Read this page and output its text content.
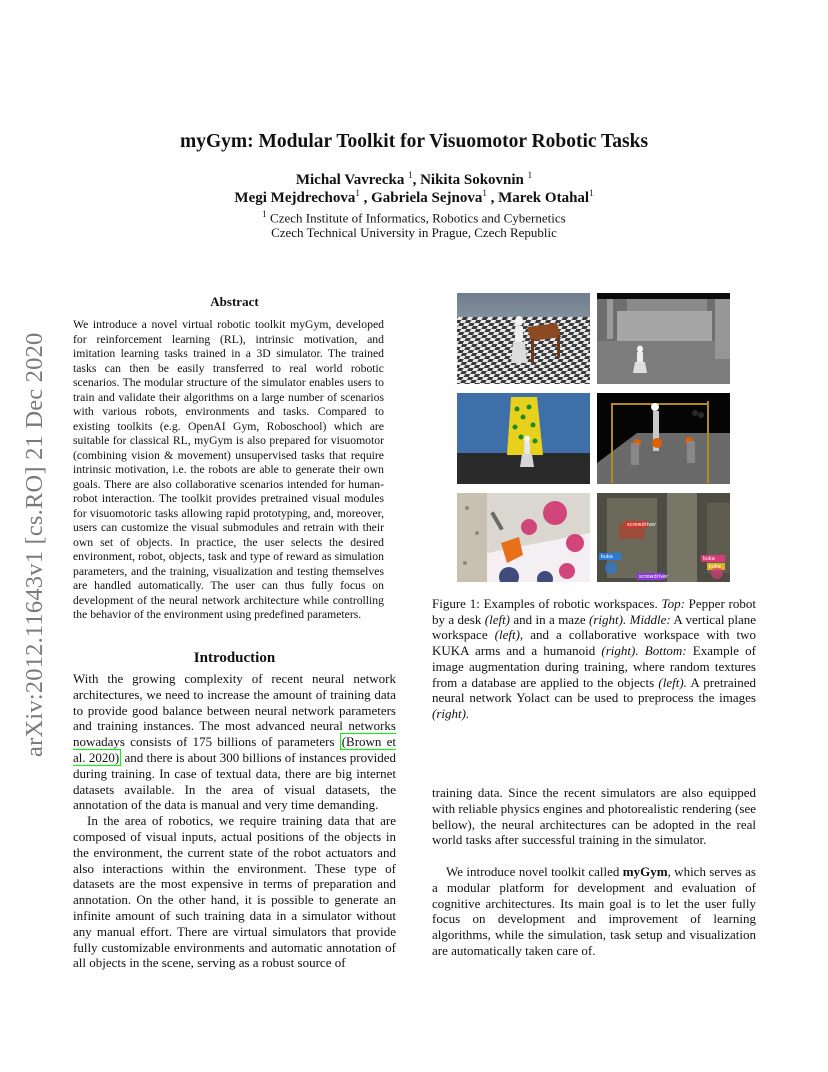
myGym: Modular Toolkit for Visuomotor Robotic Tasks
Michal Vavrecka $^1$, Nikita Sokovnin $^1$
Megi Mejdrechova$^1$ , Gabriela Sejnova$^1$ , Marek Otahal$^1$
$^1$ Czech Institute of Informatics, Robotics and Cybernetics
Czech Technical University in Prague, Czech Republic
arXiv:2012.11643v1 [cs.RO] 21 Dec 2020
Abstract
We introduce a novel virtual robotic toolkit myGym, developed for reinforcement learning (RL), intrinsic motivation, and imitation learning tasks trained in a 3D simulator. The trained tasks can then be easily transferred to real world robotic scenarios. The modular structure of the simulator enables users to train and validate their algorithms on a large number of scenarios with various robots, environments and tasks. Compared to existing toolkits (e.g. OpenAI Gym, Roboschool) which are suitable for classical RL, myGym is also prepared for visuomotor (combining vision & movement) unsupervised tasks that require intrinsic motivation, i.e. the robots are able to generate their own goals. There are also collaborative scenarios intended for human-robot interaction. The toolkit provides pretrained visual modules for visuomotoric tasks allowing rapid prototyping, and, moreover, users can customize the visual submodules and retrain with their own set of objects. In practice, the user selects the desired environment, robot, objects, task and type of reward as simulation parameters, and the training, visualization and testing themselves are handled automatically. The user can thus fully focus on development of the neural network architecture while controlling the behavior of the environment using predefined parameters.
Introduction

With the growing complexity of recent neural network architectures, we need to increase the amount of training data to provide good balance between neural network parameters and training instances. The most advanced neural networks nowadays consists of 175 billions of parameters (Brown et al. 2020) and there is about 300 billions of instances provided during training. In case of textual data, there are big internet datasets available. In the area of visual datasets, the annotation of the data is manual and very time demanding.

In the area of robotics, we require training data that are composed of visual inputs, actual positions of the objects in the environment, the current state of the robot actuators and also interactions within the environment. These type of datasets are the most expensive in terms of preparation and annotation. On the other hand, it is possible to generate an infinite amount of such training data in a simulator without any manual effort. There are virtual simulators that provide fully customizable environments and automatic annotation of all objects in the scene, serving as a robust source of

kuka
screwdriver
kuka
kuka
screwdriver
Figure 1: Examples of robotic workspaces. Top: Pepper robot by a desk (left) and in a maze (right). Middle: A vertical plane workspace (left), and a collaborative workspace with two KUKA arms and a humanoid (right). Bottom: Example of image augmentation during training, where random textures from a database are applied to the objects (left). A pretrained neural network Yolact can be used to preprocess the images (right).
training data. Since the recent simulators are also equipped with reliable physics engines and photorealistic rendering (see bellow), the neural architectures can be adopted in the real world tasks after successful training in the simulator.

We introduce novel toolkit called myGym, which serves as a modular platform for development and evaluation of cognitive architectures. Its main goal is to let the user fully focus on development and improvement of learning algorithms, while the simulation, task setup and visualization are automatically taken care of.
